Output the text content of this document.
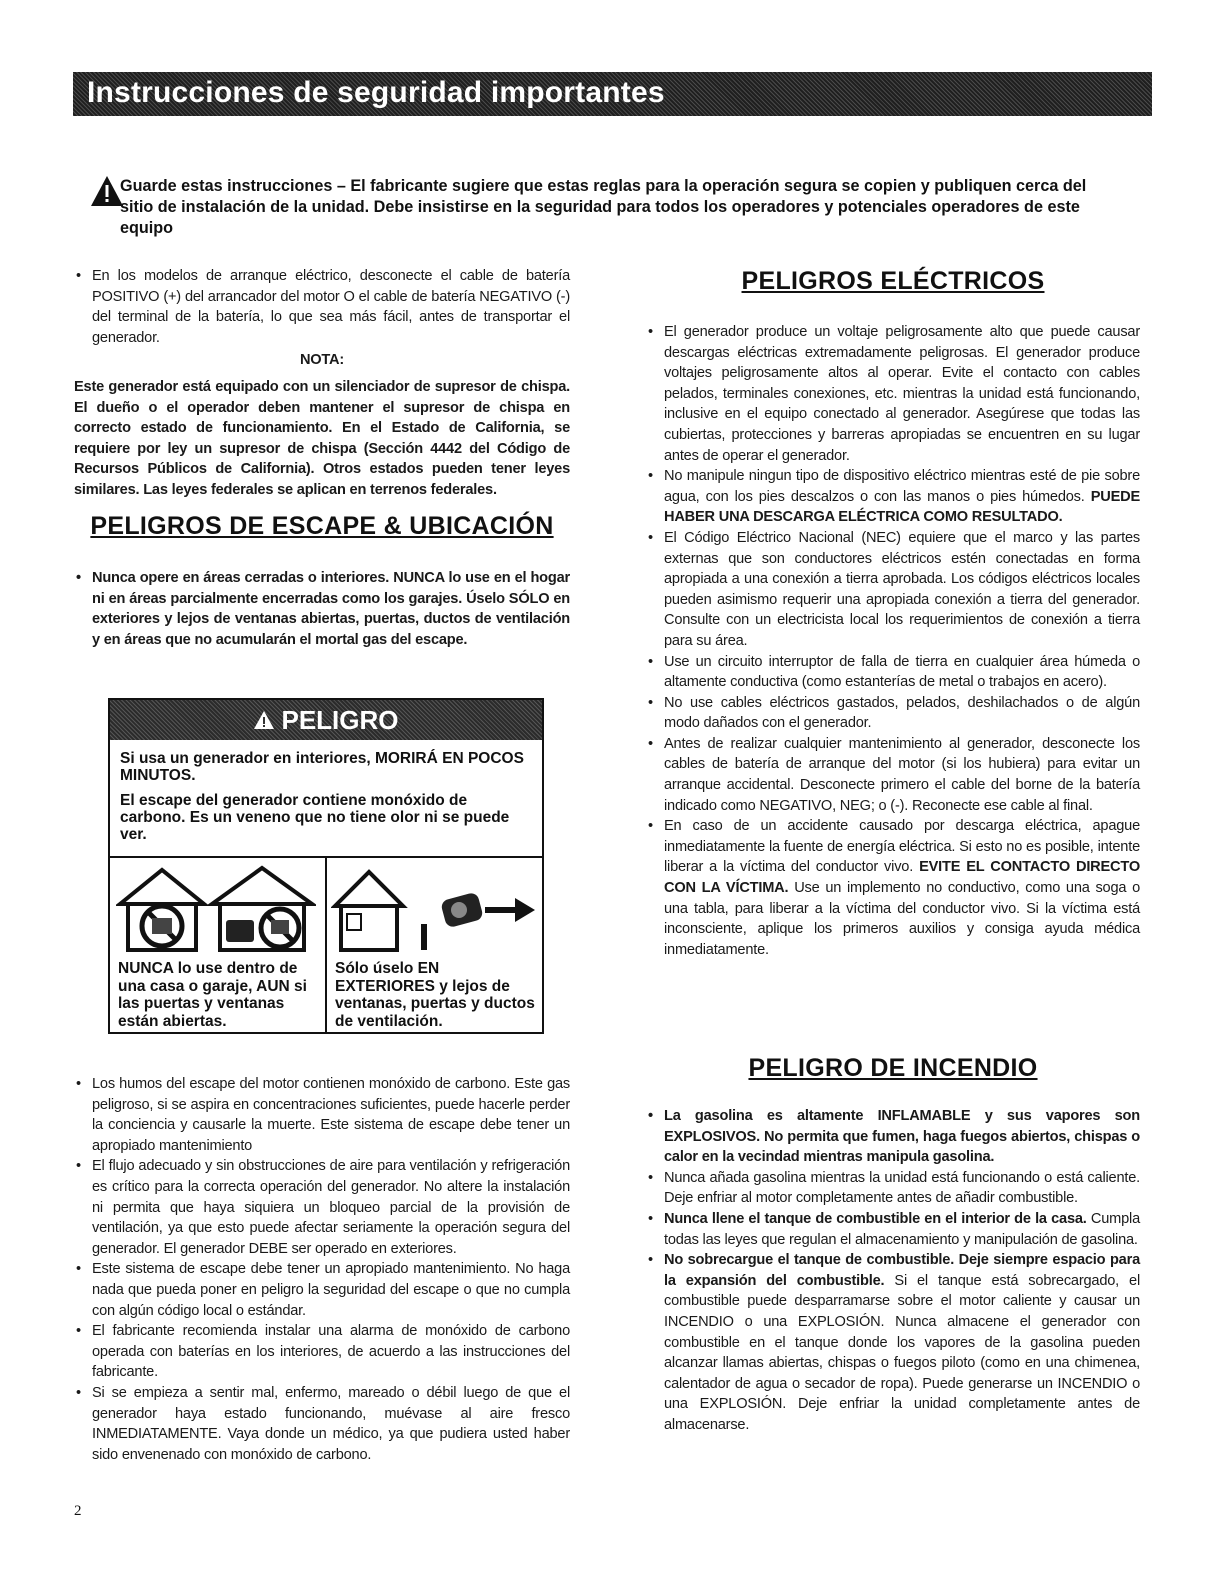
Instrucciones de seguridad importantes
Guarde estas instrucciones – El fabricante sugiere que estas reglas para la operación segura se copien y publiquen cerca del sitio de instalación de la unidad. Debe insistirse en la seguridad para todos los operadores y potenciales operadores de este equipo

• En los modelos de arranque eléctrico, desconecte el cable de batería POSITIVO (+) del arrancador del motor O el cable de batería NEGATIVO (-) del terminal de la batería, lo que sea más fácil, antes de transportar el generador.

NOTA:

Este generador está equipado con un silenciador de supresor de chispa. El dueño o el operador deben mantener el supresor de chispa en correcto estado de funcionamiento. En el Estado de California, se requiere por ley un supresor de chispa (Sección 4442 del Código de Recursos Públicos de California). Otros estados pueden tener leyes similares. Las leyes federales se aplican en terrenos federales.

PELIGROS DE ESCAPE & UBICACIÓN

• Nunca opere en áreas cerradas o interiores. NUNCA lo use en el hogar ni en áreas parcialmente encerradas como los garajes. Úselo SÓLO en exteriores y lejos de ventanas abiertas, puertas, ductos de ventilación y en áreas que no acumularán el mortal gas del escape.

PELIGRO

Si usa un generador en interiores, MORIRÁ EN POCOS MINUTOS.

El escape del generador contiene monóxido de carbono. Es un veneno que no tiene olor ni se puede ver.

NUNCA lo use dentro de una casa o garaje, AUN si las puertas y ventanas están abiertas.
Sólo úselo EN EXTERIORES y lejos de ventanas, puertas y ductos de ventilación.

• Los humos del escape del motor contienen monóxido de carbono. Este gas peligroso, si se aspira en concentraciones suficientes, puede hacerle perder la conciencia y causarle la muerte. Este sistema de escape debe tener un apropiado mantenimiento

• El flujo adecuado y sin obstrucciones de aire para ventilación y refrigeración es crítico para la correcta operación del generador. No altere la instalación ni permita que haya siquiera un bloqueo parcial de la provisión de ventilación, ya que esto puede afectar seriamente la operación segura del generador. El generador DEBE ser operado en exteriores.

• Este sistema de escape debe tener un apropiado mantenimiento. No haga nada que pueda poner en peligro la seguridad del escape o que no cumpla con algún código local o estándar.

• El fabricante recomienda instalar una alarma de monóxido de carbono operada con baterías en los interiores, de acuerdo a las instrucciones del fabricante.

• Si se empieza a sentir mal, enfermo, mareado o débil luego de que el generador haya estado funcionando, muévase al aire fresco INMEDIATAMENTE. Vaya donde un médico, ya que pudiera usted haber sido envenenado con monóxido de carbono.

PELIGROS ELÉCTRICOS

• El generador produce un voltaje peligrosamente alto que puede causar descargas eléctricas extremadamente peligrosas. El generador produce voltajes peligrosamente altos al operar. Evite el contacto con cables pelados, terminales conexiones, etc. mientras la unidad está funcionando, inclusive en el equipo conectado al generador. Asegúrese que todas las cubiertas, protecciones y barreras apropiadas se encuentren en su lugar antes de operar el generador.

• No manipule ningun tipo de dispositivo eléctrico mientras esté de pie sobre agua, con los pies descalzos o con las manos o pies húmedos. PUEDE HABER UNA DESCARGA ELÉCTRICA COMO RESULTADO.

• El Código Eléctrico Nacional (NEC) equiere que el marco y las partes externas que son conductores eléctricos estén conectadas en forma apropiada a una conexión a tierra aprobada. Los códigos eléctricos locales pueden asimismo requerir una apropiada conexión a tierra del generador. Consulte con un electricista local los requerimientos de conexión a tierra para su área.

• Use un circuito interruptor de falla de tierra en cualquier área húmeda o altamente conductiva (como estanterías de metal o trabajos en acero).

• No use cables eléctricos gastados, pelados, deshilachados o de algún modo dañados con el generador.

• Antes de realizar cualquier mantenimiento al generador, desconecte los cables de batería de arranque del motor (si los hubiera) para evitar un arranque accidental. Desconecte primero el cable del borne de la batería indicado como NEGATIVO, NEG; o (-). Reconecte ese cable al final.

• En caso de un accidente causado por descarga eléctrica, apague inmediatamente la fuente de energía eléctrica. Si esto no es posible, intente liberar a la víctima del conductor vivo. EVITE EL CONTACTO DIRECTO CON LA VÍCTIMA. Use un implemento no conductivo, como una soga o una tabla, para liberar a la víctima del conductor vivo. Si la víctima está inconsciente, aplique los primeros auxilios y consiga ayuda médica inmediatamente.

PELIGRO DE INCENDIO

• La gasolina es altamente INFLAMABLE y sus vapores son EXPLOSIVOS. No permita que fumen, haga fuegos abiertos, chispas o calor en la vecindad mientras manipula gasolina.

• Nunca añada gasolina mientras la unidad está funcionando o está caliente. Deje enfriar al motor completamente antes de añadir combustible.

• Nunca llene el tanque de combustible en el interior de la casa. Cumpla todas las leyes que regulan el almacenamiento y manipulación de gasolina.

• No sobrecargue el tanque de combustible. Deje siempre espacio para la expansión del combustible. Si el tanque está sobrecargado, el combustible puede desparramarse sobre el motor caliente y causar un INCENDIO o una EXPLOSIÓN. Nunca almacene el generador con combustible en el tanque donde los vapores de la gasolina pueden alcanzar llamas abiertas, chispas o fuegos piloto (como en una chimenea, calentador de agua o secador de ropa). Puede generarse un INCENDIO o una EXPLOSIÓN. Deje enfriar la unidad completamente antes de almacenarse.

2
